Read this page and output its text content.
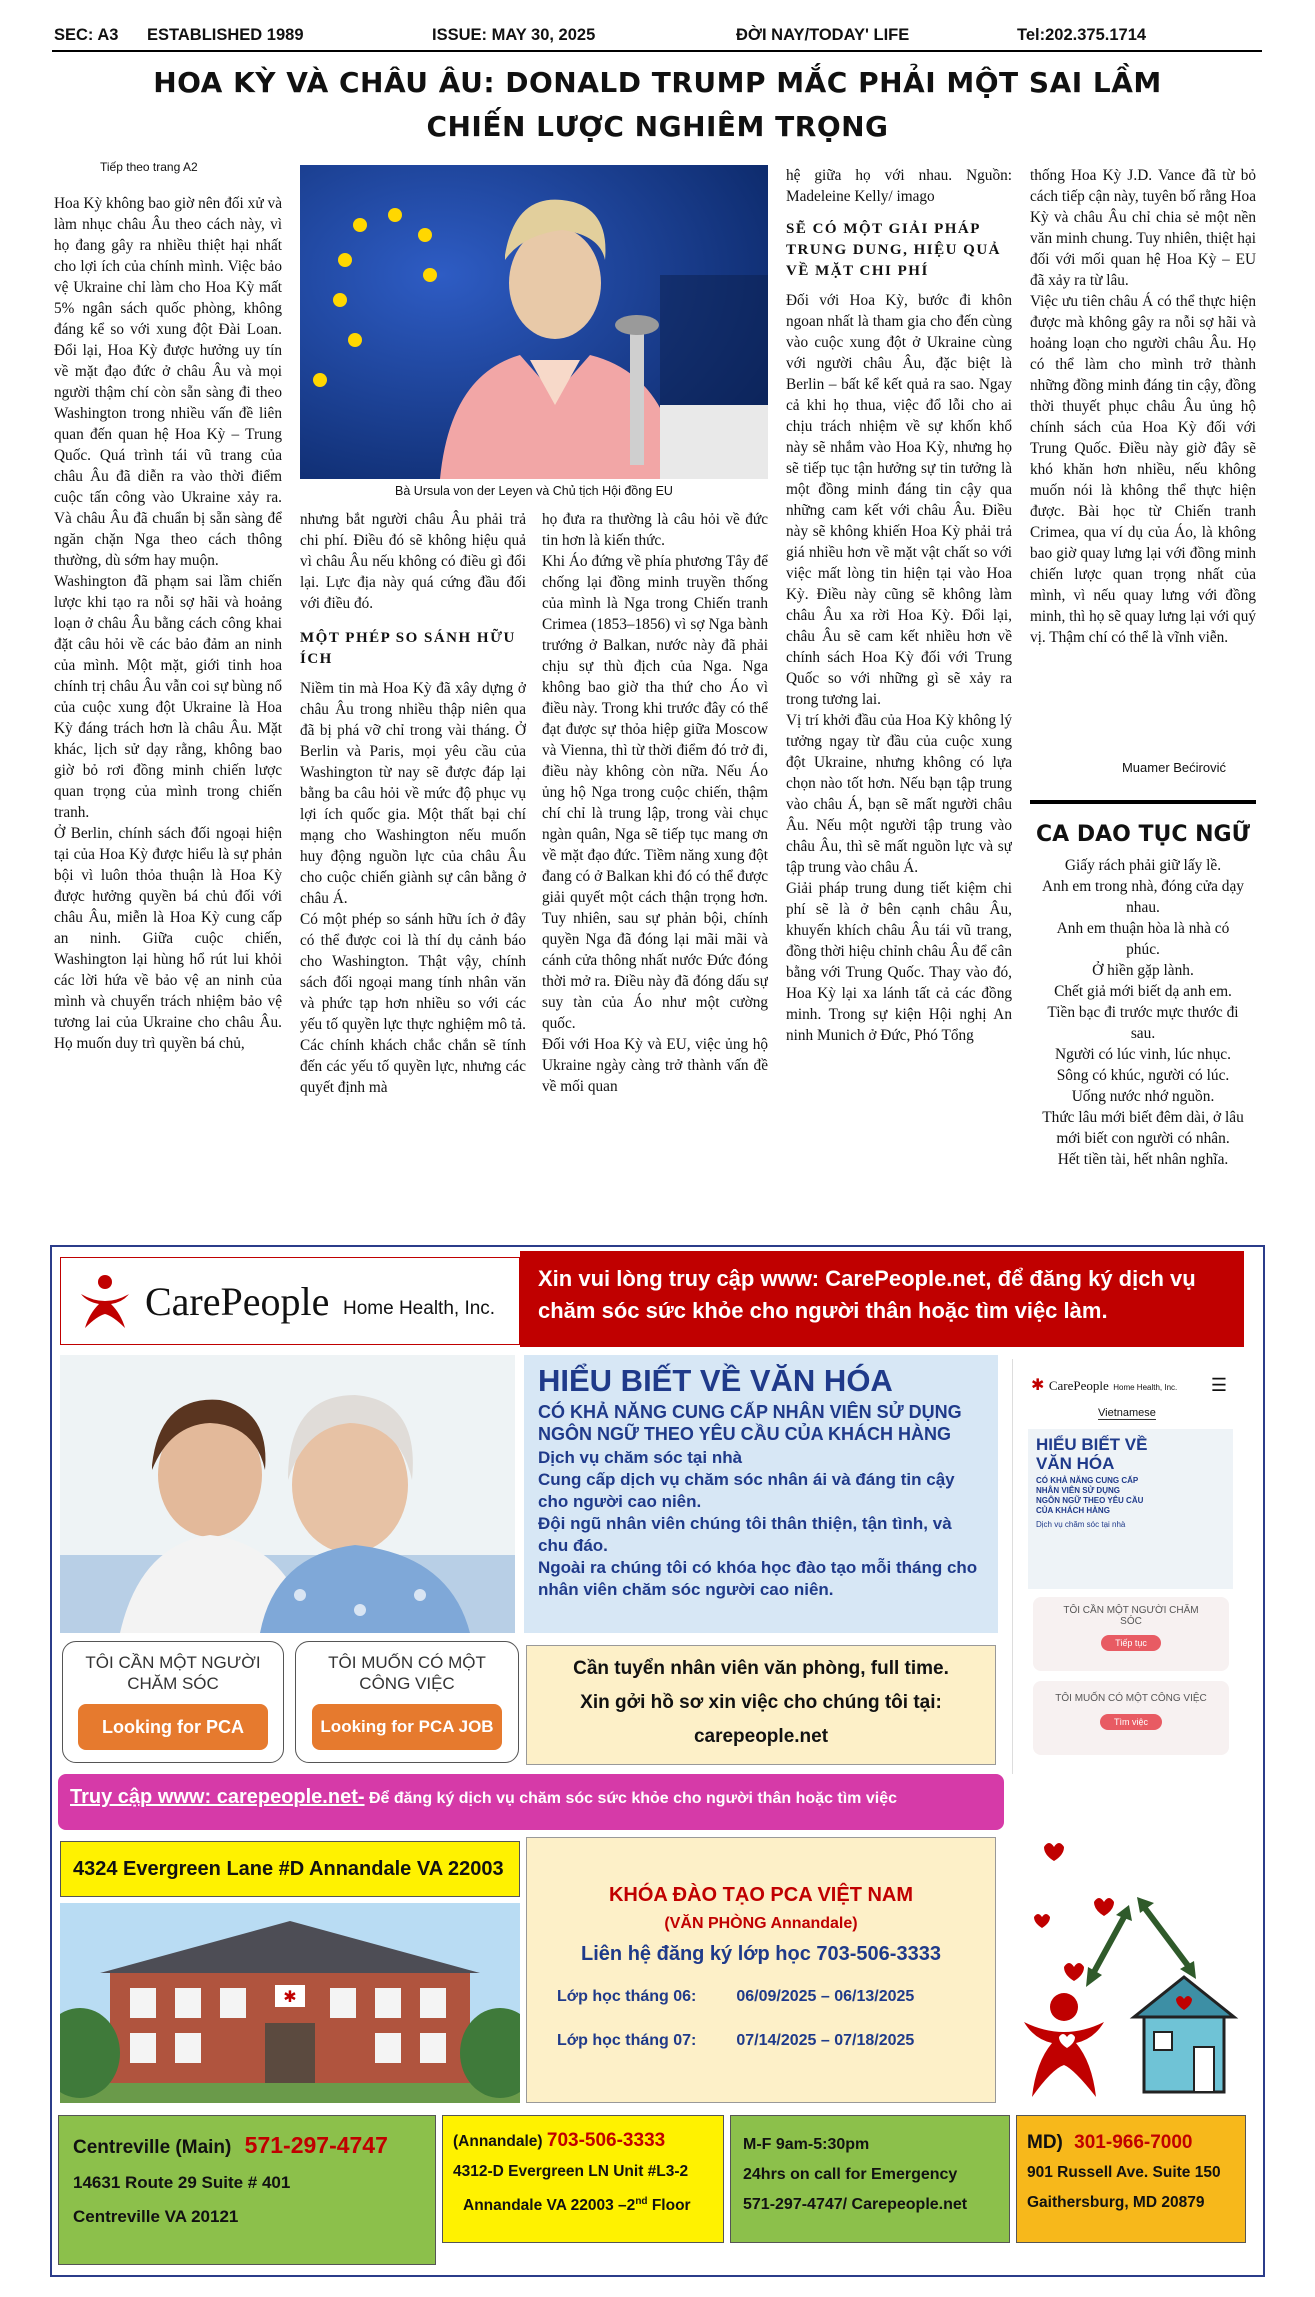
SEC: A3 ESTABLISHED 1989	ISSUE: MAY 30, 2025	ĐỜI NAY/TODAY' LIFE	Tel:202.375.1714
HOA KỲ VÀ CHÂU ÂU: DONALD TRUMP MẮC PHẢI MỘT SAI LẦM
CHIẾN LƯỢC NGHIÊM TRỌNG
Tiếp theo trang A2
Hoa Kỳ không bao giờ nên đối xử và làm nhục châu Âu theo cách này, vì họ đang gây ra nhiều thiệt hại nhất cho lợi ích của chính mình. Việc bảo vệ Ukraine chỉ làm cho Hoa Kỳ mất 5% ngân sách quốc phòng, không đáng kể so với xung đột Đài Loan. Đổi lại, Hoa Kỳ được hưởng uy tín về mặt đạo đức ở châu Âu và mọi người thậm chí còn sẵn sàng đi theo Washington trong nhiều vấn đề liên quan đến quan hệ Hoa Kỳ – Trung Quốc. Quá trình tái vũ trang của châu Âu đã diễn ra vào thời điểm cuộc tấn công vào Ukraine xảy ra. Và châu Âu đã chuẩn bị sẵn sàng để ngăn chặn Nga theo cách thông thường, dù sớm hay muộn.
Washington đã phạm sai lầm chiến lược khi tạo ra nỗi sợ hãi và hoảng loạn ở châu Âu bằng cách công khai đặt câu hỏi về các bảo đảm an ninh của mình. Một mặt, giới tinh hoa chính trị châu Âu vẫn coi sự bùng nổ của cuộc xung đột Ukraine là Hoa Kỳ đáng trách hơn là châu Âu. Mặt khác, lịch sử dạy rằng, không bao giờ bỏ rơi đồng minh chiến lược quan trọng của mình trong chiến tranh.
Ở Berlin, chính sách đối ngoại hiện tại của Hoa Kỳ được hiểu là sự phản bội vì luôn thỏa thuận là Hoa Kỳ được hưởng quyền bá chủ đối với châu Âu, miễn là Hoa Kỳ cung cấp an ninh. Giữa cuộc chiến, Washington lại hùng hổ rút lui khỏi các lời hứa về bảo vệ an ninh của mình và chuyển trách nhiệm bảo vệ tương lai của Ukraine cho châu Âu. Họ muốn duy trì quyền bá chủ,
Bà Ursula von der Leyen và Chủ tịch Hội đồng EU

nhưng bắt người châu Âu phải trả chi phí. Điều đó sẽ không hiệu quả vì châu Âu nếu không có điều gì đổi lại. Lực địa này quá cứng đầu đối với điều đó.

MỘT PHÉP SO SÁNH HỮU ÍCH

Niềm tin mà Hoa Kỳ đã xây dựng ở châu Âu trong nhiều thập niên qua đã bị phá vỡ chỉ trong vài tháng. Ở Berlin và Paris, mọi yêu cầu của Washington từ nay sẽ được đáp lại bằng ba câu hỏi về mức độ phục vụ lợi ích quốc gia. Một thất bại chí mạng cho Washington nếu muốn huy động nguồn lực của châu Âu cho cuộc chiến giành sự cân bằng ở châu Á.
Có một phép so sánh hữu ích ở đây có thể được coi là thí dụ cảnh báo cho Washington. Thật vậy, chính sách đối ngoại mang tính nhân văn và phức tạp hơn nhiều so với các yếu tố quyền lực thực nghiệm mô tả. Các chính khách chắc chắn sẽ tính đến các yếu tố quyền lực, nhưng các quyết định mà

họ đưa ra thường là câu hỏi về đức tin hơn là kiến thức.
Khi Áo đứng về phía phương Tây để chống lại đồng minh truyền thống của mình là Nga trong Chiến tranh Crimea (1853–1856) vì sợ Nga bành trướng ở Balkan, nước này đã phải chịu sự thù địch của Nga. Nga không bao giờ tha thứ cho Áo vì điều này. Trong khi trước đây có thể đạt được sự thỏa hiệp giữa Moscow và Vienna, thì từ thời điểm đó trở đi, điều này không còn nữa. Nếu Áo ủng hộ Nga trong cuộc chiến, thậm chí chỉ là trung lập, trong vài chục ngàn quân, Nga sẽ tiếp tục mang ơn về mặt đạo đức. Tiềm năng xung đột đang có ở Balkan khi đó có thể được giải quyết một cách thận trọng hơn. Tuy nhiên, sau sự phản bội, chính quyền Nga đã đóng lại mãi mãi và cánh cửa thông nhất nước Đức đóng thời mở ra. Điều này đã đóng dấu sự suy tàn của Áo như một cường quốc.
Đối với Hoa Kỳ và EU, việc ủng hộ Ukraine ngày càng trở thành vấn đề về mối quan

hệ giữa họ với nhau. Nguồn: Madeleine Kelly/ imago

SẼ CÓ MỘT GIẢI PHÁP TRUNG DUNG, HIỆU QUẢ VỀ MẶT CHI PHÍ

Đối với Hoa Kỳ, bước đi khôn ngoan nhất là tham gia cho đến cùng vào cuộc xung đột ở Ukraine cùng với người châu Âu, đặc biệt là Berlin – bất kể kết quả ra sao. Ngay cả khi họ thua, việc đổ lỗi cho ai chịu trách nhiệm về sự khốn khổ này sẽ nhắm vào Hoa Kỳ, nhưng họ sẽ tiếp tục tận hưởng sự tin tưởng là một đồng minh đáng tin cậy qua những cam kết với châu Âu. Điều này sẽ không khiến Hoa Kỳ phải trả giá nhiều hơn về mặt vật chất so với việc mất lòng tin hiện tại vào Hoa Kỳ. Điều này cũng sẽ không làm châu Âu xa rời Hoa Kỳ. Đổi lại, châu Âu sẽ cam kết nhiều hơn về chính sách Hoa Kỳ đối với Trung Quốc so với những gì sẽ xảy ra trong tương lai.
Vị trí khởi đầu của Hoa Kỳ không lý tưởng ngay từ đầu của cuộc xung đột Ukraine, nhưng không có lựa chọn nào tốt hơn. Nếu bạn tập trung vào châu Á, bạn sẽ mất người châu Âu. Nếu một người tập trung vào châu Âu, thì sẽ mất nguồn lực và sự tập trung vào châu Á.
Giải pháp trung dung tiết kiệm chi phí sẽ là ở bên cạnh châu Âu, khuyến khích châu Âu tái vũ trang, đồng thời hiệu chỉnh châu Âu để cân bằng với Trung Quốc. Thay vào đó, Hoa Kỳ lại xa lánh tất cả các đồng minh. Trong sự kiện Hội nghị An ninh Munich ở Đức, Phó Tổng

thống Hoa Kỳ J.D. Vance đã từ bỏ cách tiếp cận này, tuyên bố rằng Hoa Kỳ và châu Âu chỉ chia sẻ một nền văn minh chung. Tuy nhiên, thiệt hại đối với mối quan hệ Hoa Kỳ – EU đã xảy ra từ lâu.
Việc ưu tiên châu Á có thể thực hiện được mà không gây ra nỗi sợ hãi và hoảng loạn cho người châu Âu. Họ có thể làm cho mình trở thành những đồng minh đáng tin cậy, đồng thời thuyết phục châu Âu ủng hộ chính sách của Hoa Kỳ đối với Trung Quốc. Điều này giờ đây sẽ khó khăn hơn nhiều, nếu không muốn nói là không thể thực hiện được. Bài học từ Chiến tranh Crimea, qua ví dụ của Áo, là không bao giờ quay lưng lại với đồng minh chiến lược quan trọng nhất của mình, vì nếu quay lưng với đồng minh, thì họ sẽ quay lưng lại với quý vị. Thậm chí có thể là vĩnh viễn.
Muamer Bećirović
CA DAO TỤC NGỮ
Giấy rách phải giữ lấy lề.
Anh em trong nhà, đóng cửa dạy nhau.
Anh em thuận hòa là nhà có phúc.
Ở hiền gặp lành.
Chết giả mới biết dạ anh em.
Tiền bạc đi trước mực thước đi sau.
Người có lúc vinh, lúc nhục.
Sông có khúc, người có lúc.
Uống nước nhớ nguồn.
Thức lâu mới biết đêm dài, ở lâu mới biết con người có nhân.
Hết tiền tài, hết nhân nghĩa.
CarePeople Home Health, Inc.
Xin vui lòng truy cập www: CarePeople.net, để đăng ký dịch vụ chăm sóc sức khỏe cho người thân hoặc tìm việc làm.
HIỂU BIẾT VỀ VĂN HÓA
CÓ KHẢ NĂNG CUNG CẤP NHÂN VIÊN SỬ DỤNG NGÔN NGỮ THEO YÊU CẦU CỦA KHÁCH HÀNG
Dịch vụ chăm sóc tại nhà
Cung cấp dịch vụ chăm sóc nhân ái và đáng tin cậy cho người cao niên.
Đội ngũ nhân viên chúng tôi thân thiện, tận tình, và chu đáo.
Ngoài ra chúng tôi có khóa học đào tạo mỗi tháng cho nhân viên chăm sóc người cao niên.
✱ CarePeople Home Health, Inc. ☰
Vietnamese
HIỂU BIẾT VỀ VĂN HÓA
CÓ KHẢ NĂNG CUNG CẤP NHÂN VIÊN SỬ DỤNG NGÔN NGỮ THEO YÊU CẦU CỦA KHÁCH HÀNG
Dịch vụ chăm sóc tại nhà
TÔI CẦN MỘT NGƯỜI CHĂM SÓC
Tiếp tục
TÔI MUỐN CÓ MỘT CÔNG VIỆC
Tìm việc
TÔI CẦN MỘT NGƯỜI CHĂM SÓC
Looking for PCA
TÔI MUỐN CÓ MỘT CÔNG VIỆC
Looking for PCA JOB
Cần tuyển nhân viên văn phòng, full time.
Xin gởi hồ sơ xin việc cho chúng tôi tại:
carepeople.net
Truy cập www: carepeople.net- Để đăng ký dịch vụ chăm sóc sức khỏe cho người thân hoặc tìm việc
4324 Evergreen Lane #D Annandale VA 22003
✱
KHÓA ĐÀO TẠO PCA VIỆT NAM
(VĂN PHÒNG Annandale)
Liên hệ đăng ký lớp học 703-506-3333
Lớp học tháng 06:	06/09/2025 – 06/13/2025
Lớp học tháng 07:	07/14/2025 – 07/18/2025
Centreville (Main) 571-297-4747
14631 Route 29 Suite # 401
Centreville VA 20121
(Annandale) 703-506-3333
4312-D Evergreen LN Unit #L3-2
Annandale VA 22003 –2nd Floor
M-F 9am-5:30pm
24hrs on call for Emergency
571-297-4747/ Carepeople.net
MD) 301-966-7000
901 Russell Ave. Suite 150
Gaithersburg, MD 20879
